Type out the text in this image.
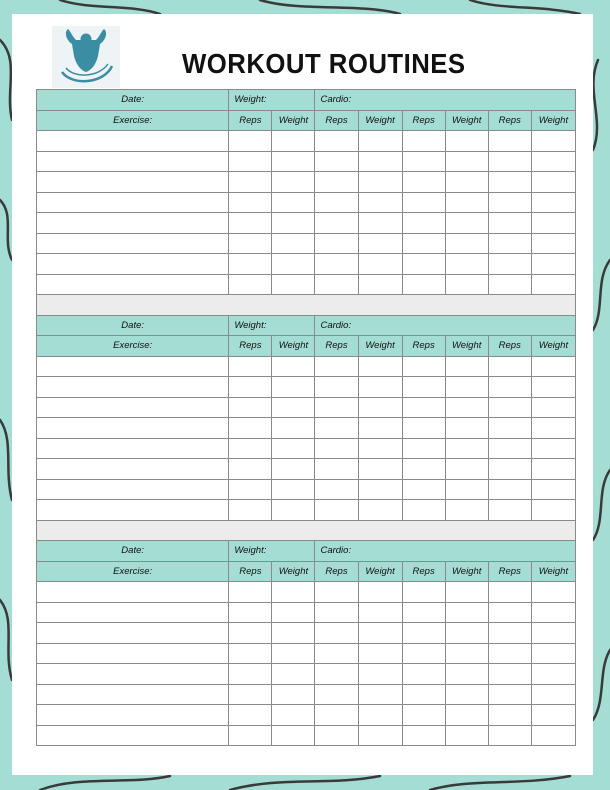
WORKOUT ROUTINES
Date:	Weight:		Cardio:					
Exercise:	Reps	Weight	Reps	Weight	Reps	Weight	Reps	Weight

Date:	Weight:		Cardio:					
Exercise:	Reps	Weight	Reps	Weight	Reps	Weight	Reps	Weight

Date:	Weight:		Cardio:					
Exercise:	Reps	Weight	Reps	Weight	Reps	Weight	Reps	Weight
